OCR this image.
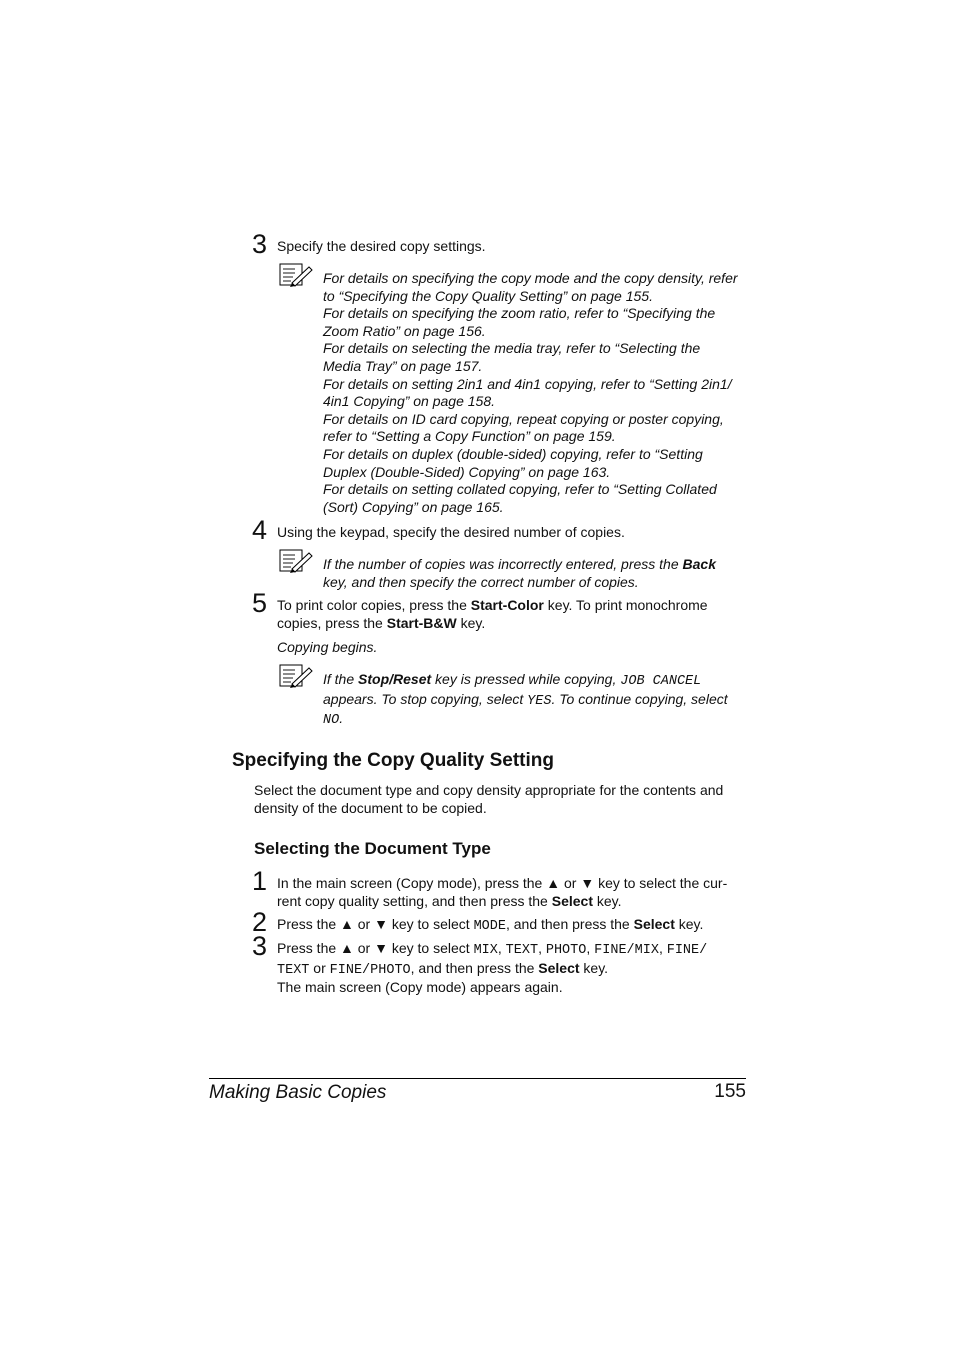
3 Specify the desired copy settings.
For details on specifying the copy mode and the copy density, refer
to “Specifying the Copy Quality Setting” on page 155.
For details on specifying the zoom ratio, refer to “Specifying the
Zoom Ratio” on page 156.
For details on selecting the media tray, refer to “Selecting the
Media Tray” on page 157.
For details on setting 2in1 and 4in1 copying, refer to “Setting 2in1/
4in1 Copying” on page 158.
For details on ID card copying, repeat copying or poster copying,
refer to “Setting a Copy Function” on page 159.
For details on duplex (double-sided) copying, refer to “Setting
Duplex (Double-Sided) Copying” on page 163.
For details on setting collated copying, refer to “Setting Collated
(Sort) Copying” on page 165.
4 Using the keypad, specify the desired number of copies.
If the number of copies was incorrectly entered, press the Back
key, and then specify the correct number of copies.
5 To print color copies, press the Start-Color key. To print monochrome
copies, press the Start-B&W key.
Copying begins.
If the Stop/Reset key is pressed while copying, JOB CANCEL
appears. To stop copying, select YES. To continue copying, select
NO.
Specifying the Copy Quality Setting
Select the document type and copy density appropriate for the contents and
density of the document to be copied.
Selecting the Document Type
1 In the main screen (Copy mode), press the ▲ or ▼ key to select the cur-
rent copy quality setting, and then press the Select key.
2 Press the ▲ or ▼ key to select MODE, and then press the Select key.
3 Press the ▲ or ▼ key to select MIX, TEXT, PHOTO, FINE/MIX, FINE/
TEXT or FINE/PHOTO, and then press the Select key.
The main screen (Copy mode) appears again.
Making Basic Copies	155
